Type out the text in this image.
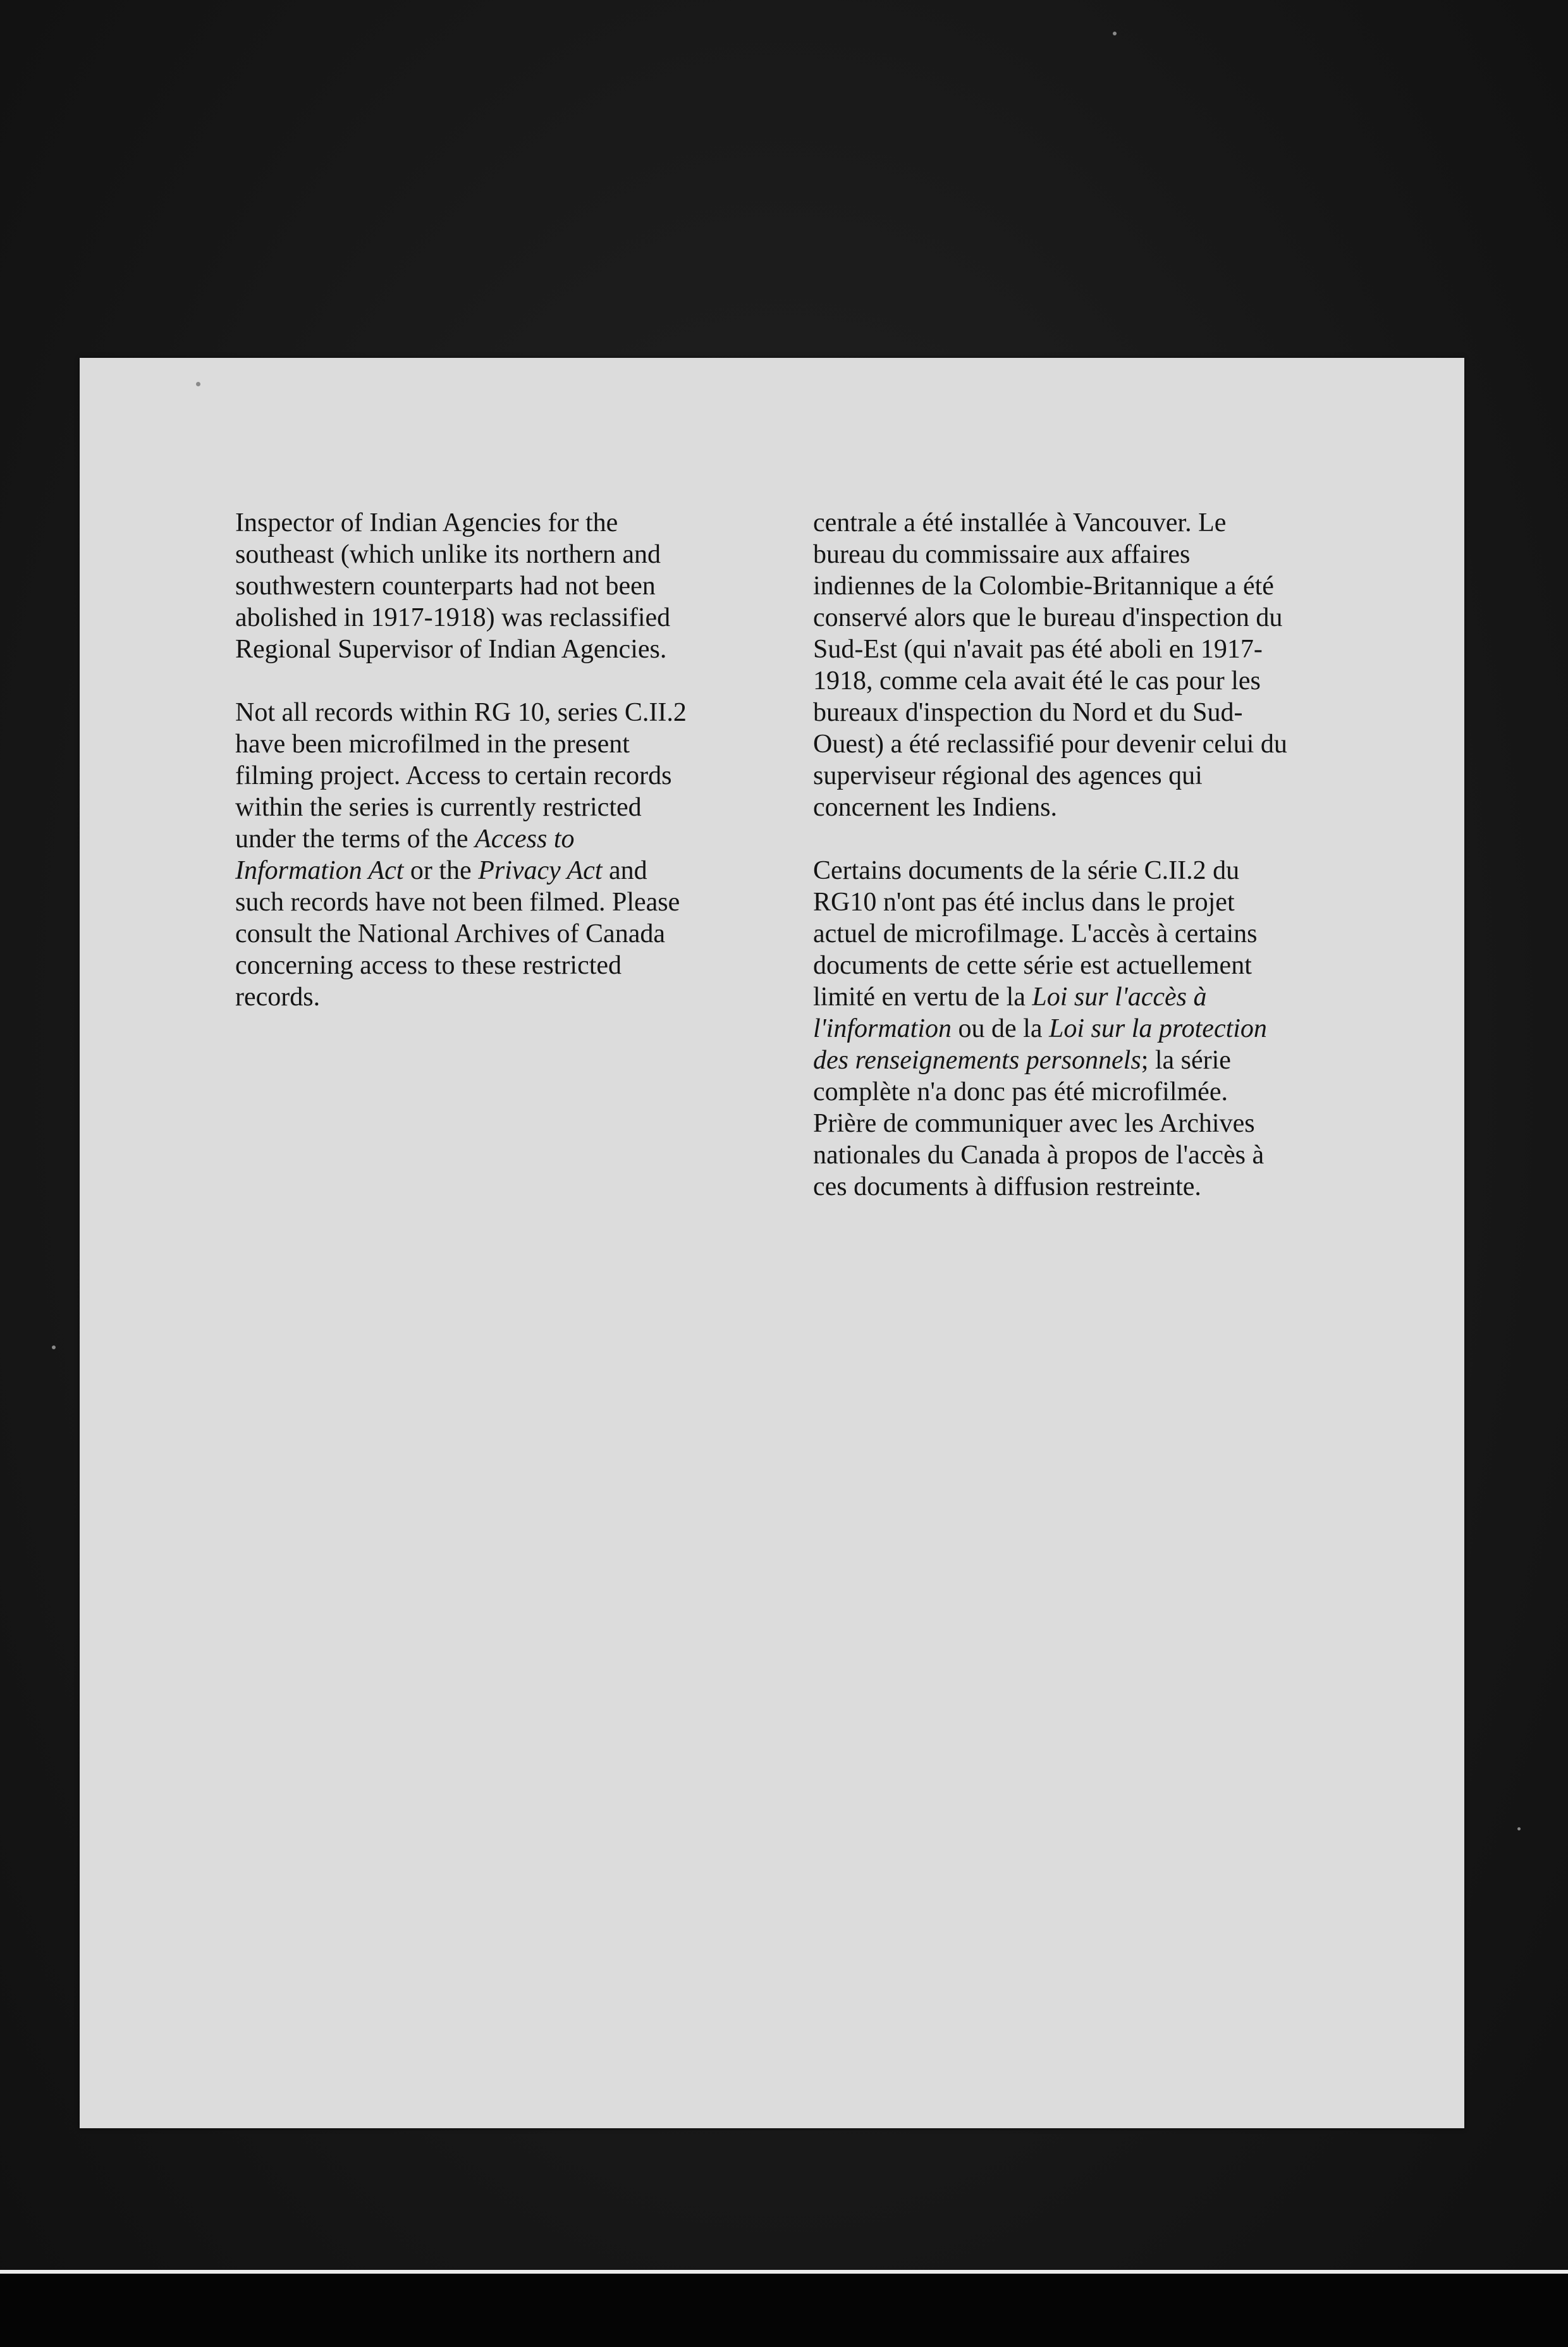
Inspector of Indian Agencies for the
southeast (which unlike its northern and
southwestern counterparts had not been
abolished in 1917-1918) was reclassified
Regional Supervisor of Indian Agencies.

Not all records within RG 10, series C.II.2
have been microfilmed in the present
filming project. Access to certain records
within the series is currently restricted
under the terms of the Access to
Information Act or the Privacy Act and
such records have not been filmed. Please
consult the National Archives of Canada
concerning access to these restricted
records.

centrale a été installée à Vancouver. Le
bureau du commissaire aux affaires
indiennes de la Colombie-Britannique a été
conservé alors que le bureau d'inspection du
Sud-Est (qui n'avait pas été aboli en 1917-
1918, comme cela avait été le cas pour les
bureaux d'inspection du Nord et du Sud-
Ouest) a été reclassifié pour devenir celui du
superviseur régional des agences qui
concernent les Indiens.

Certains documents de la série C.II.2 du
RG10 n'ont pas été inclus dans le projet
actuel de microfilmage. L'accès à certains
documents de cette série est actuellement
limité en vertu de la Loi sur l'accès à
l'information ou de la Loi sur la protection
des renseignements personnels; la série
complète n'a donc pas été microfilmée.
Prière de communiquer avec les Archives
nationales du Canada à propos de l'accès à
ces documents à diffusion restreinte.
